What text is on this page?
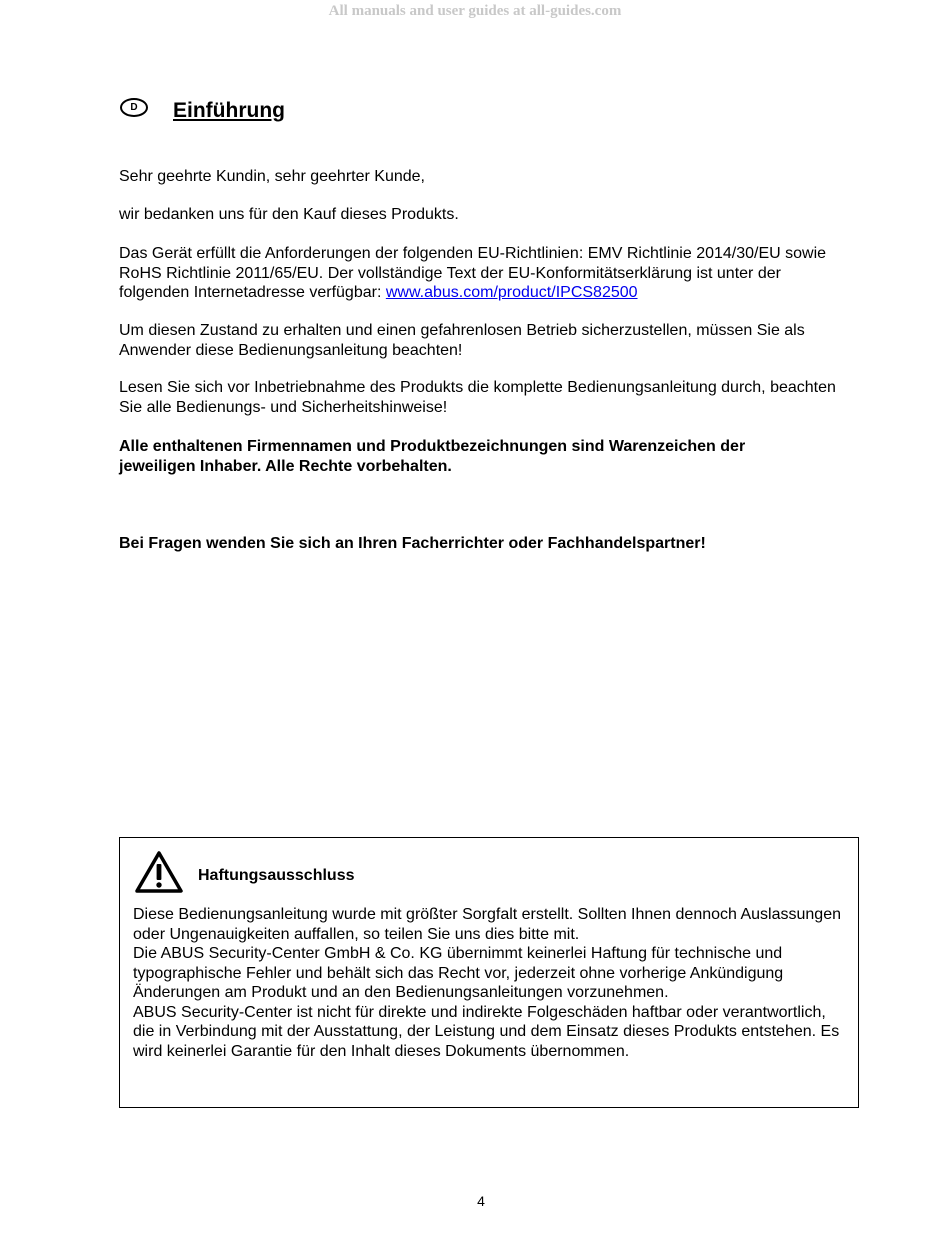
All manuals and user guides at all-guides.com
D	Einführung

Sehr geehrte Kundin, sehr geehrter Kunde,

wir bedanken uns für den Kauf dieses Produkts.

Das Gerät erfüllt die Anforderungen der folgenden EU-Richtlinien: EMV Richtlinie 2014/30/EU sowie RoHS Richtlinie 2011/65/EU. Der vollständige Text der EU-Konformitätserklärung ist unter der folgenden Internetadresse verfügbar: www.abus.com/product/IPCS82500

Um diesen Zustand zu erhalten und einen gefahrenlosen Betrieb sicherzustellen, müssen Sie als Anwender diese Bedienungsanleitung beachten!

Lesen Sie sich vor Inbetriebnahme des Produkts die komplette Bedienungsanleitung durch, beachten Sie alle Bedienungs- und Sicherheitshinweise!

Alle enthaltenen Firmennamen und Produktbezeichnungen sind Warenzeichen der jeweiligen Inhaber. Alle Rechte vorbehalten.

Bei Fragen wenden Sie sich an Ihren Facherrichter oder Fachhandelspartner!

Haftungsausschluss
Diese Bedienungsanleitung wurde mit größter Sorgfalt erstellt. Sollten Ihnen dennoch Auslassungen oder Ungenauigkeiten auffallen, so teilen Sie uns dies bitte mit.
Die ABUS Security-Center GmbH & Co. KG übernimmt keinerlei Haftung für technische und typographische Fehler und behält sich das Recht vor, jederzeit ohne vorherige Ankündigung Änderungen am Produkt und an den Bedienungsanleitungen vorzunehmen.
ABUS Security-Center ist nicht für direkte und indirekte Folgeschäden haftbar oder verantwortlich, die in Verbindung mit der Ausstattung, der Leistung und dem Einsatz dieses Produkts entstehen. Es wird keinerlei Garantie für den Inhalt dieses Dokuments übernommen.
4
